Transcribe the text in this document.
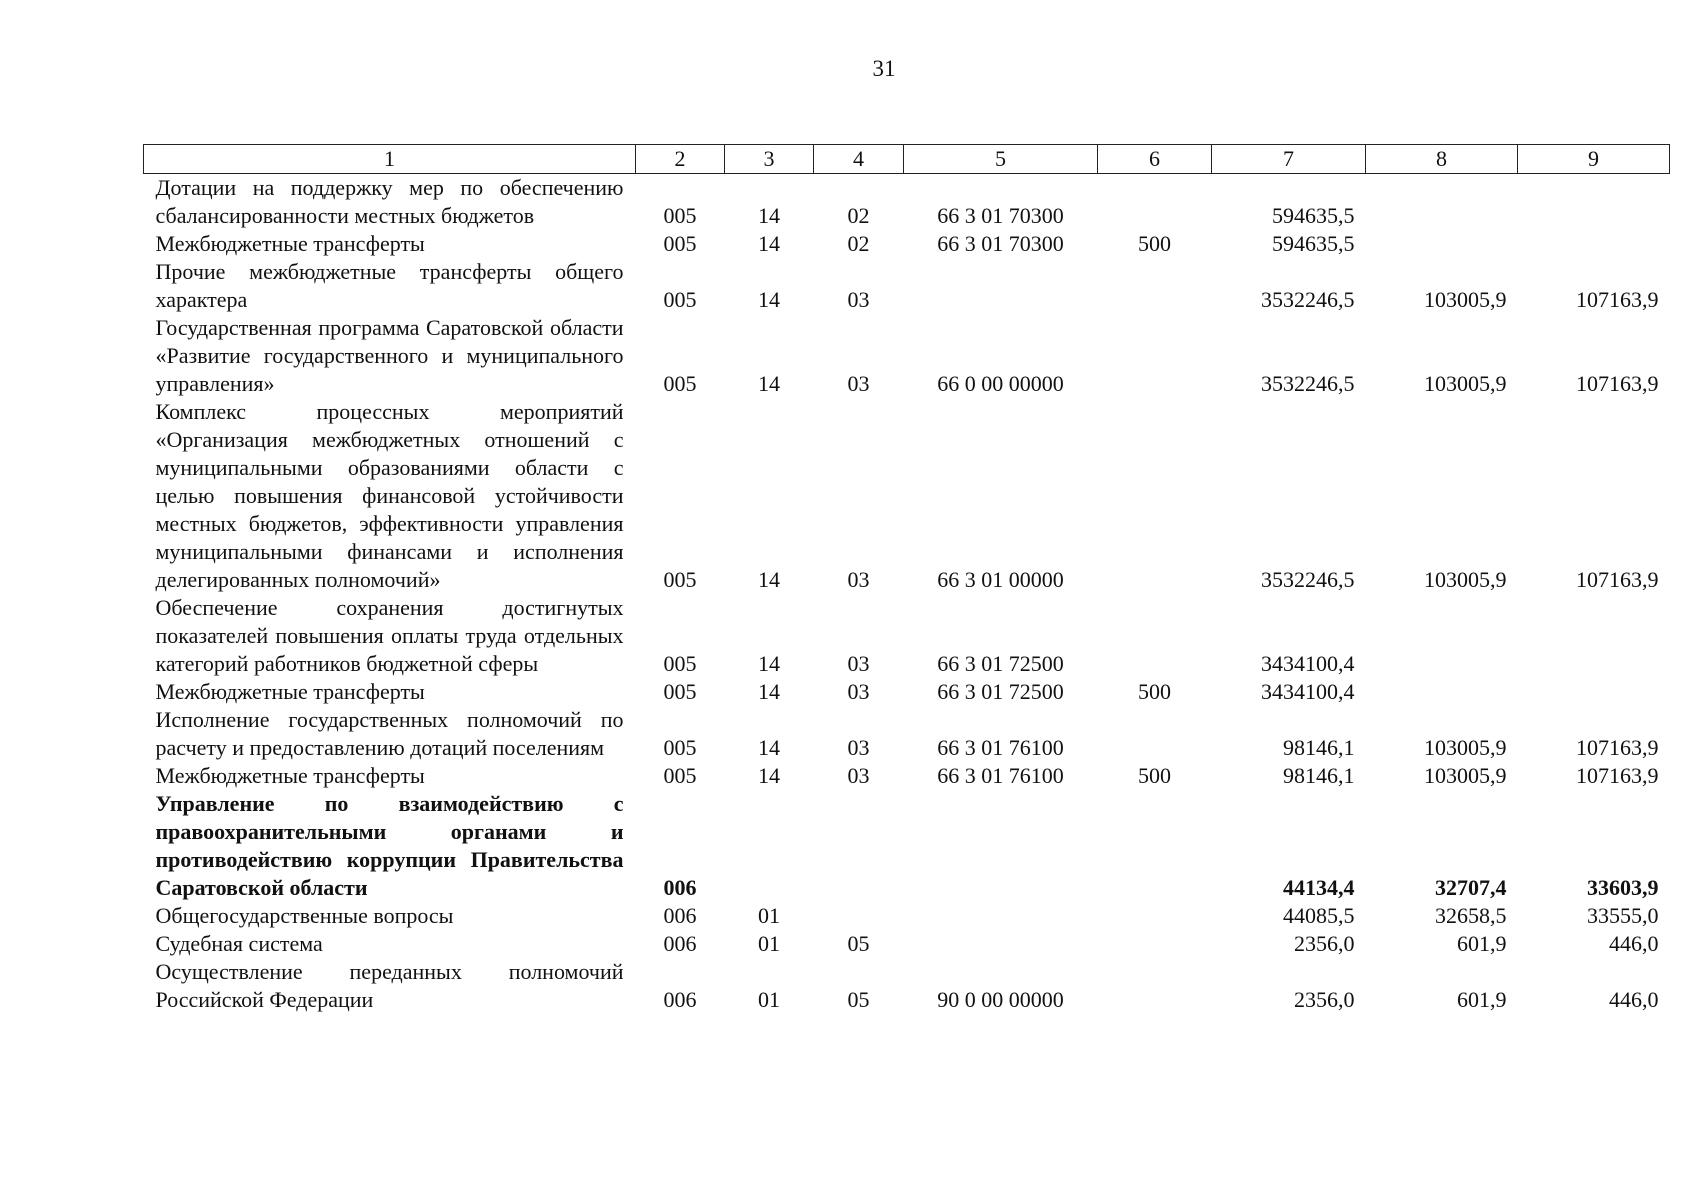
31
1	2	3	4	5	6	7	8	9
Дотации на поддержку мер по обеспечению сбалансированности местных бюджетов	005	14	02	66 3 01 70300		594635,5		
Межбюджетные трансферты	005	14	02	66 3 01 70300	500	594635,5		
Прочие межбюджетные трансферты общего характера	005	14	03			3532246,5	103005,9	107163,9
Государственная программа Саратовской области «Развитие государственного и муниципального управления»	005	14	03	66 0 00 00000		3532246,5	103005,9	107163,9
Комплекс процессных мероприятий «Организация межбюджетных отношений с муниципальными образованиями области с целью повышения финансовой устойчивости местных бюджетов, эффективности управления муниципальными финансами и исполнения делегированных полномочий»	005	14	03	66 3 01 00000		3532246,5	103005,9	107163,9
Обеспечение сохранения достигнутых показателей повышения оплаты труда отдельных категорий работников бюджетной сферы	005	14	03	66 3 01 72500		3434100,4		
Межбюджетные трансферты	005	14	03	66 3 01 72500	500	3434100,4		
Исполнение государственных полномочий по расчету и предоставлению дотаций поселениям	005	14	03	66 3 01 76100		98146,1	103005,9	107163,9
Межбюджетные трансферты	005	14	03	66 3 01 76100	500	98146,1	103005,9	107163,9
Управление по взаимодействию с правоохранительными органами и противодействию коррупции Правительства Саратовской области	006					44134,4	32707,4	33603,9
Общегосударственные вопросы	006	01				44085,5	32658,5	33555,0
Судебная система	006	01	05			2356,0	601,9	446,0
Осуществление переданных полномочий Российской Федерации	006	01	05	90 0 00 00000		2356,0	601,9	446,0
